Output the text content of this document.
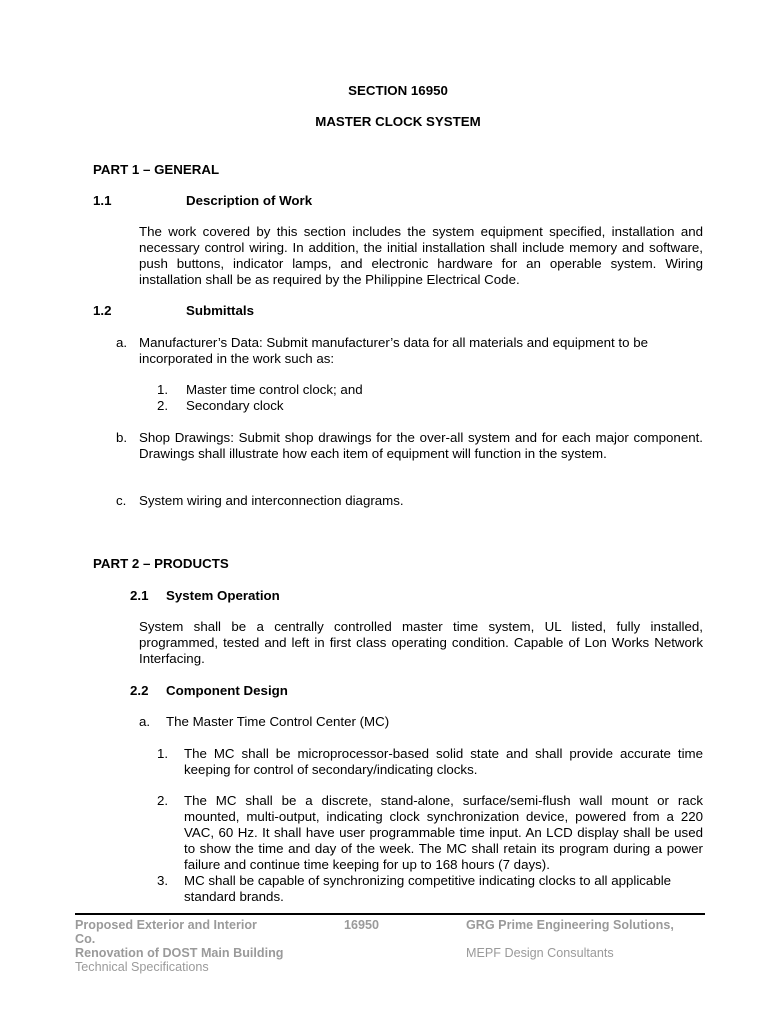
SECTION 16950
MASTER CLOCK SYSTEM
PART 1 – GENERAL
1.1	Description of Work
The work covered by this section includes the system equipment specified, installation and necessary control wiring. In addition, the initial installation shall include memory and software, push buttons, indicator lamps, and electronic hardware for an operable system. Wiring installation shall be as required by the Philippine Electrical Code.
1.2	Submittals
a. Manufacturer’s Data: Submit manufacturer’s data for all materials and equipment to be incorporated in the work such as:
1. Master time control clock; and
2. Secondary clock
b. Shop Drawings: Submit shop drawings for the over-all system and for each major component. Drawings shall illustrate how each item of equipment will function in the system.
c. System wiring and interconnection diagrams.
PART 2 – PRODUCTS
2.1 System Operation
System shall be a centrally controlled master time system, UL listed, fully installed, programmed, tested and left in first class operating condition. Capable of Lon Works Network Interfacing.
2.2 Component Design
a. The Master Time Control Center (MC)
1. The MC shall be microprocessor-based solid state and shall provide accurate time keeping for control of secondary/indicating clocks.
2. The MC shall be a discrete, stand-alone, surface/semi-flush wall mount or rack mounted, multi-output, indicating clock synchronization device, powered from a 220 VAC, 60 Hz. It shall have user programmable time input. An LCD display shall be used to show the time and day of the week. The MC shall retain its program during a power failure and continue time keeping for up to 168 hours (7 days).
3. MC shall be capable of synchronizing competitive indicating clocks to all applicable standard brands.
Proposed Exterior and Interior
Co.
Renovation of DOST Main Building
Technical Specifications
16950	GRG Prime Engineering Solutions,
MEPF Design Consultants
